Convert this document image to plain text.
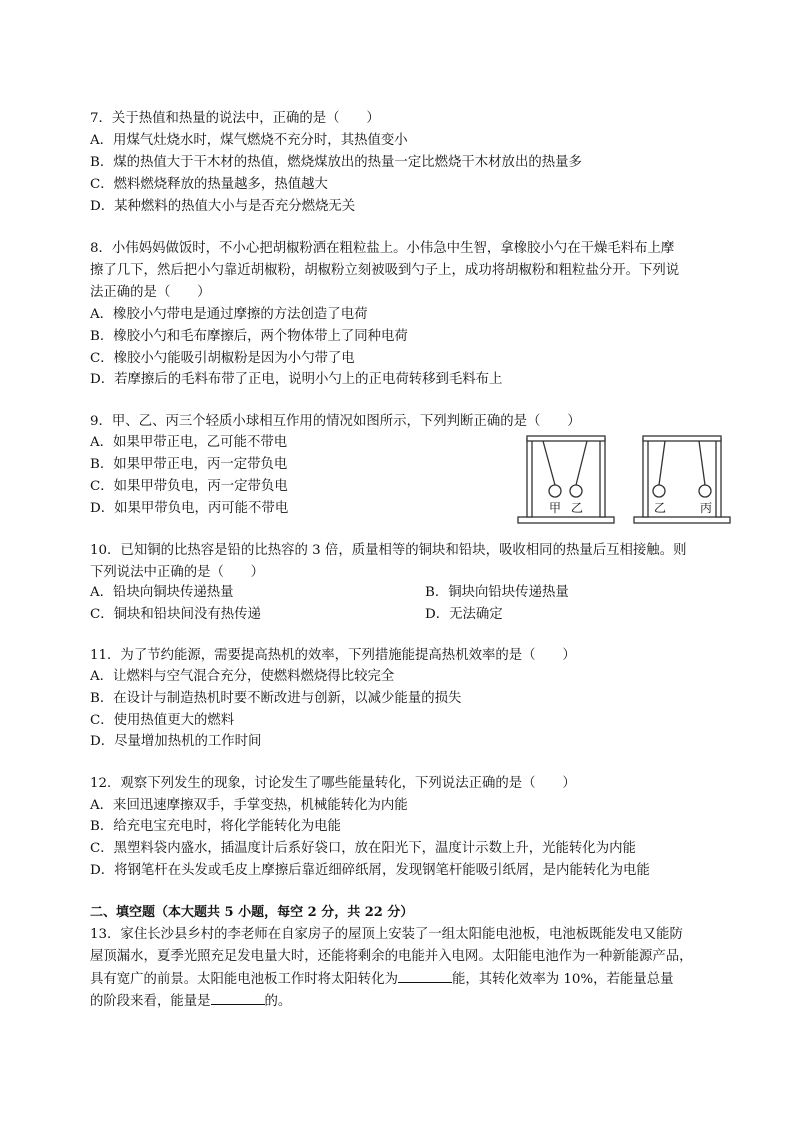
7．关于热值和热量的说法中，正确的是（　　）
A．用煤气灶烧水时，煤气燃烧不充分时，其热值变小
B．煤的热值大于干木材的热值，燃烧煤放出的热量一定比燃烧干木材放出的热量多
C．燃料燃烧释放的热量越多，热值越大
D．某种燃料的热值大小与是否充分燃烧无关
8．小伟妈妈做饭时，不小心把胡椒粉洒在粗粒盐上。小伟急中生智，拿橡胶小勺在干燥毛料布上摩
擦了几下，然后把小勺靠近胡椒粉，胡椒粉立刻被吸到勺子上，成功将胡椒粉和粗粒盐分开。下列说
法正确的是（　　）
A．橡胶小勺带电是通过摩擦的方法创造了电荷
B．橡胶小勺和毛布摩擦后，两个物体带上了同种电荷
C．橡胶小勺能吸引胡椒粉是因为小勺带了电
D．若摩擦后的毛料布带了正电，说明小勺上的正电荷转移到毛料布上
9．甲、乙、丙三个轻质小球相互作用的情况如图所示，下列判断正确的是（　　）
A．如果甲带正电，乙可能不带电
B．如果甲带正电，丙一定带负电
C．如果甲带负电，丙一定带负电
D．如果甲带负电，丙可能不带电	甲 乙	乙	丙
10．已知铜的比热容是铅的比热容的 3 倍，质量相等的铜块和铅块，吸收相同的热量后互相接触。则
下列说法中正确的是（　　）
A．铅块向铜块传递热量	B．铜块向铅块传递热量
C．铜块和铅块间没有热传递	D．无法确定
11．为了节约能源，需要提高热机的效率，下列措施能提高热机效率的是（　　）
A．让燃料与空气混合充分，使燃料燃烧得比较完全
B．在设计与制造热机时要不断改进与创新，以减少能量的损失
C．使用热值更大的燃料
D．尽量增加热机的工作时间
12．观察下列发生的现象，讨论发生了哪些能量转化，下列说法正确的是（　　）
A．来回迅速摩擦双手，手掌变热，机械能转化为内能
B．给充电宝充电时，将化学能转化为电能
C．黑塑料袋内盛水，插温度计后系好袋口，放在阳光下，温度计示数上升，光能转化为内能
D．将钢笔杆在头发或毛皮上摩擦后靠近细碎纸屑，发现钢笔杆能吸引纸屑，是内能转化为电能
二、填空题（本大题共 5 小题，每空 2 分，共 22 分）
13．家住长沙县乡村的李老师在自家房子的屋顶上安装了一组太阳能电池板，电池板既能发电又能防
屋顶漏水，夏季光照充足发电量大时，还能将剩余的电能并入电网。太阳能电池作为一种新能源产品，
具有宽广的前景。太阳能电池板工作时将太阳转化为	能，其转化效率为 10%，若能量总量
的阶段来看，能量是	的。
